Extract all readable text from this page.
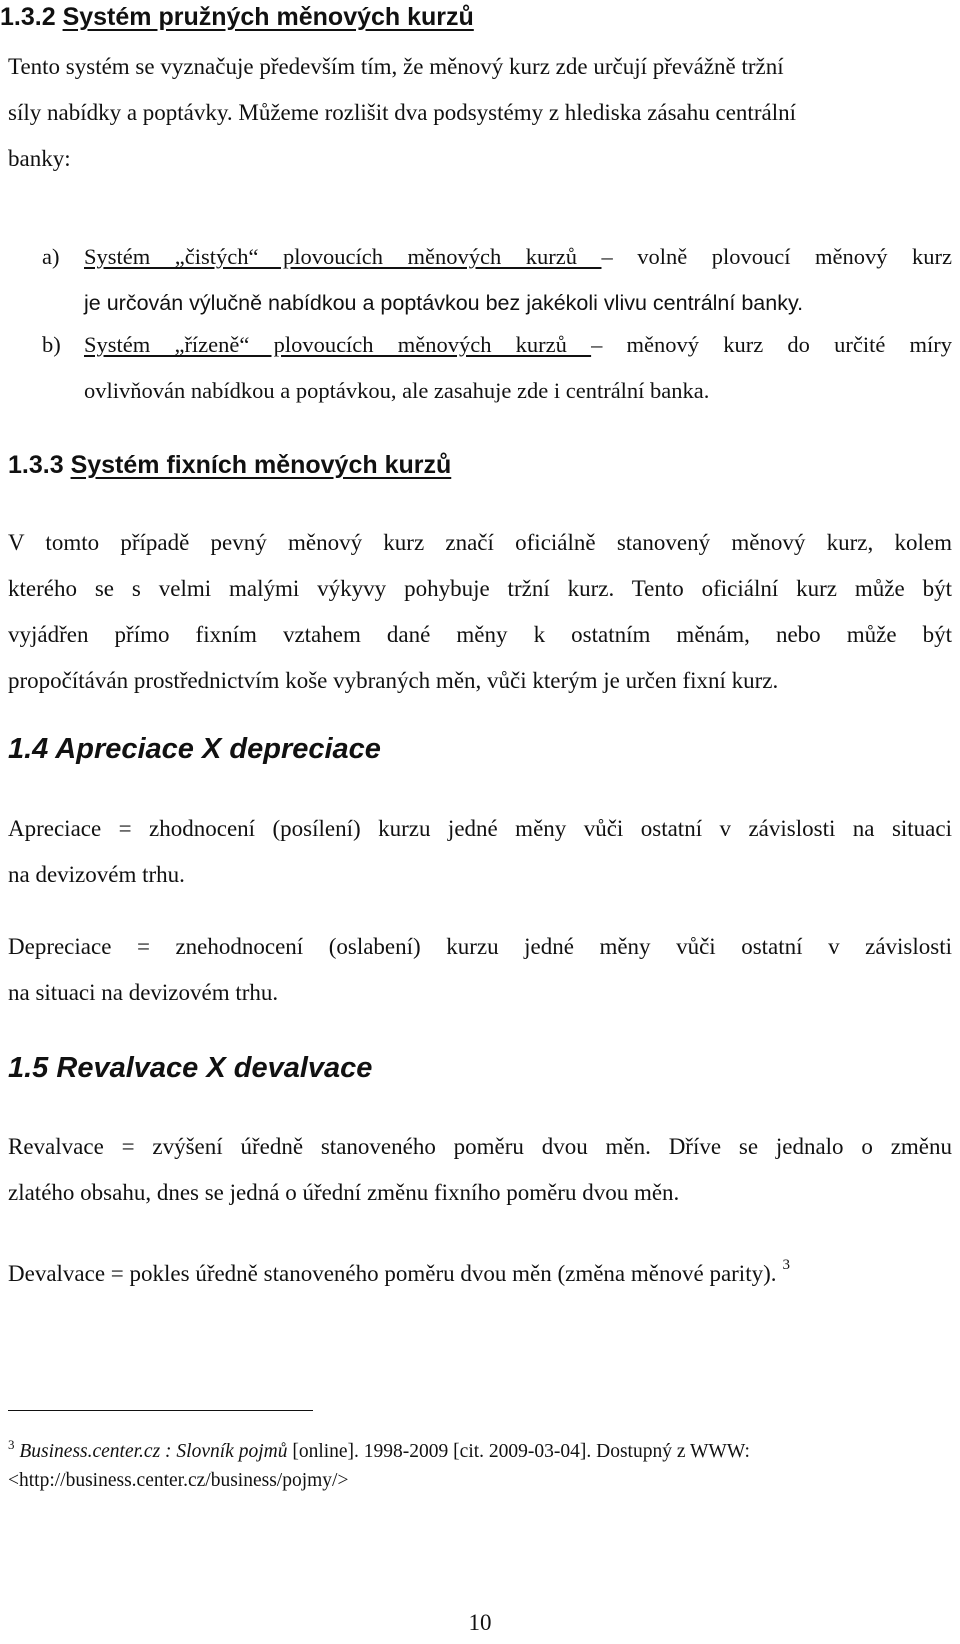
1.3.2 Systém pružných měnových kurzů
Tento systém se vyznačuje především tím, že měnový kurz zde určují převážně tržní
síly nabídky a poptávky. Můžeme rozlišit dva podsystémy z hlediska zásahu centrální
banky:
a) Systém „čistých“ plovoucích měnových kurzů – volně plovoucí měnový kurz
je určován výlučně nabídkou a poptávkou bez jakékoli vlivu centrální banky.
b) Systém „řízeně“ plovoucích měnových kurzů – měnový kurz do určité míry
ovlivňován nabídkou a poptávkou, ale zasahuje zde i centrální banka.
1.3.3 Systém fixních měnových kurzů
V tomto případě pevný měnový kurz značí oficiálně stanovený měnový kurz, kolem
kterého se s velmi malými výkyvy pohybuje tržní kurz. Tento oficiální kurz může být
vyjádřen přímo fixním vztahem dané měny k ostatním měnám, nebo může být
propočítáván prostřednictvím koše vybraných měn, vůči kterým je určen fixní kurz.
1.4 Apreciace X depreciace
Apreciace = zhodnocení (posílení) kurzu jedné měny vůči ostatní v závislosti na situaci
na devizovém trhu.
Depreciace = znehodnocení (oslabení) kurzu jedné měny vůči ostatní v závislosti
na situaci na devizovém trhu.
1.5 Revalvace X devalvace
Revalvace = zvýšení úředně stanoveného poměru dvou měn. Dříve se jednalo o změnu
zlatého obsahu, dnes se jedná o úřední změnu fixního poměru dvou měn.
Devalvace = pokles úředně stanoveného poměru dvou měn (změna měnové parity). $^3$
$^3$ Business.center.cz : Slovník pojmů [online]. 1998-2009 [cit. 2009-03-04]. Dostupný z WWW:
<http://business.center.cz/business/pojmy/>
10
